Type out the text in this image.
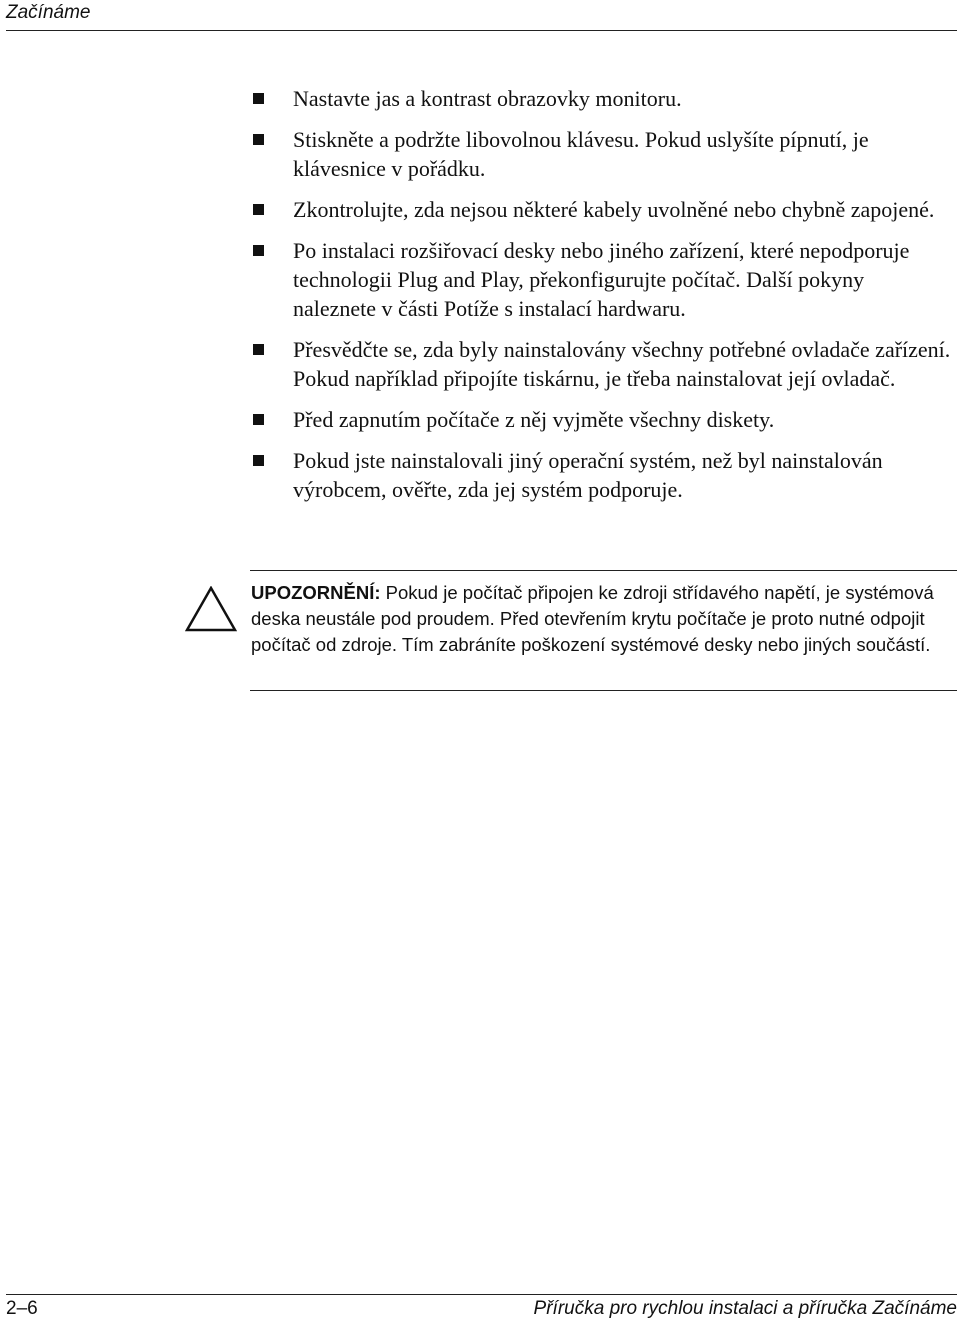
Začínáme
Nastavte jas a kontrast obrazovky monitoru.
Stiskněte a podržte libovolnou klávesu. Pokud uslyšíte pípnutí, je klávesnice v pořádku.
Zkontrolujte, zda nejsou některé kabely uvolněné nebo chybně zapojené.
Po instalaci rozšiřovací desky nebo jiného zařízení, které nepodporuje technologii Plug and Play, překonfigurujte počítač. Další pokyny naleznete v části Potíže s instalací hardwaru.
Přesvědčte se, zda byly nainstalovány všechny potřebné ovladače zařízení. Pokud například připojíte tiskárnu, je třeba nainstalovat její ovladač.
Před zapnutím počítače z něj vyjměte všechny diskety.
Pokud jste nainstalovali jiný operační systém, než byl nainstalován výrobcem, ověřte, zda jej systém podporuje.
UPOZORNĚNÍ: Pokud je počítač připojen ke zdroji střídavého napětí, je systémová deska neustále pod proudem. Před otevřením krytu počítače je proto nutné odpojit počítač od zdroje. Tím zabráníte poškození systémové desky nebo jiných součástí.
2–6	Příručka pro rychlou instalaci a příručka Začínáme
